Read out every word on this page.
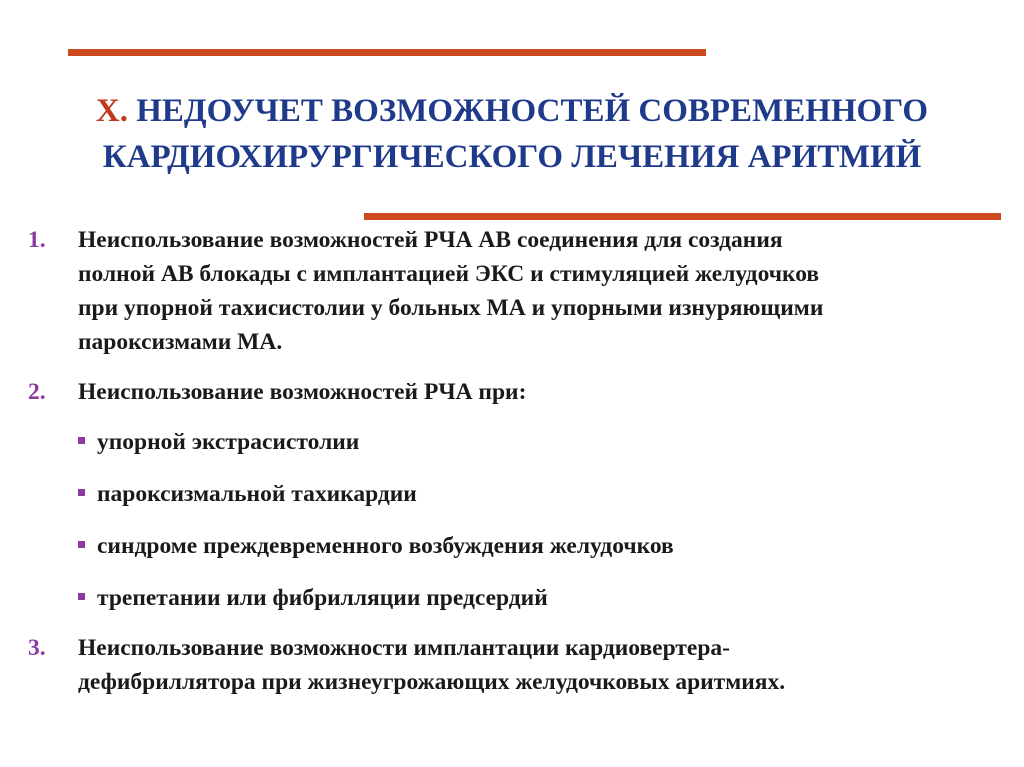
X. НЕДОУЧЕТ ВОЗМОЖНОСТЕЙ СОВРЕМЕННОГО
КАРДИОХИРУРГИЧЕСКОГО ЛЕЧЕНИЯ АРИТМИЙ
1. Неиспользование возможностей РЧА АВ соединения для создания
полной АВ блокады с имплантацией ЭКС и стимуляцией желудочков
при упорной тахисистолии у больных МА и упорными изнуряющими
пароксизмами МА.
2. Неиспользование возможностей РЧА при:
упорной экстрасистолии
пароксизмальной тахикардии
синдроме преждевременного возбуждения желудочков
трепетании или фибрилляции предсердий
3. Неиспользование возможности имплантации кардиовертера-
дефибриллятора при жизнеугрожающих желудочковых аритмиях.
